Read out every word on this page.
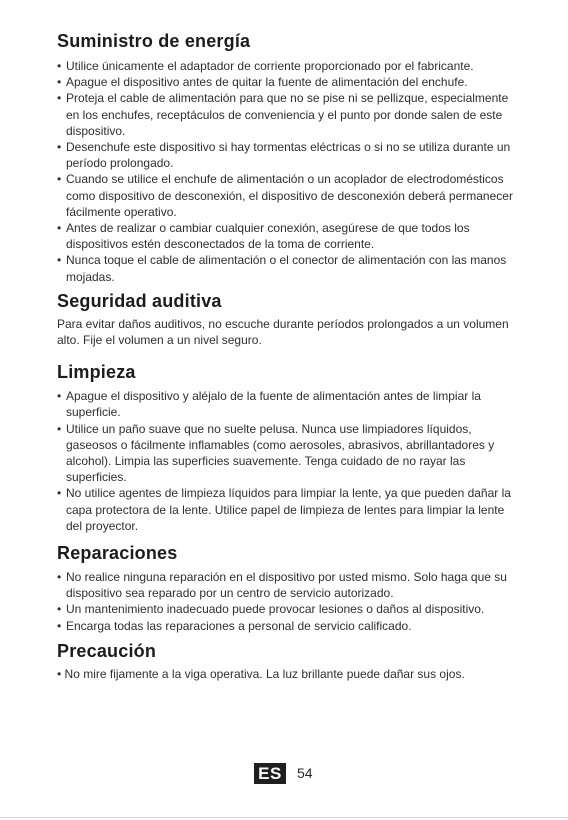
Suministro de energía
• Utilice únicamente el adaptador de corriente proporcionado por el fabricante.
• Apague el dispositivo antes de quitar la fuente de alimentación del enchufe.
• Proteja el cable de alimentación para que no se pise ni se pellizque, especialmente en los enchufes, receptáculos de conveniencia y el punto por donde salen de este dispositivo.
• Desenchufe este dispositivo si hay tormentas eléctricas o si no se utiliza durante un período prolongado.
• Cuando se utilice el enchufe de alimentación o un acoplador de electrodomésticos como dispositivo de desconexión, el dispositivo de desconexión deberá permanecer fácilmente operativo.
• Antes de realizar o cambiar cualquier conexión, asegúrese de que todos los dispositivos estén desconectados de la toma de corriente.
• Nunca toque el cable de alimentación o el conector de alimentación con las manos mojadas.
Seguridad auditiva

Para evitar daños auditivos, no escuche durante períodos prolongados a un volumen alto. Fije el volumen a un nivel seguro.

Limpieza
• Apague el dispositivo y aléjalo de la fuente de alimentación antes de limpiar la superficie.
• Utilice un paño suave que no suelte pelusa. Nunca use limpiadores líquidos, gaseosos o fácilmente inflamables (como aerosoles, abrasivos, abrillantadores y alcohol). Limpia las superficies suavemente. Tenga cuidado de no rayar las superficies.
• No utilice agentes de limpieza líquidos para limpiar la lente, ya que pueden dañar la capa protectora de la lente. Utilice papel de limpieza de lentes para limpiar la lente del proyector.
Reparaciones
• No realice ninguna reparación en el dispositivo por usted mismo. Solo haga que su dispositivo sea reparado por un centro de servicio autorizado.
• Un mantenimiento inadecuado puede provocar lesiones o daños al dispositivo.
• Encarga todas las reparaciones a personal de servicio calificado.
Precaución
• No mire fijamente a la viga operativa. La luz brillante puede dañar sus ojos.
ES 54
